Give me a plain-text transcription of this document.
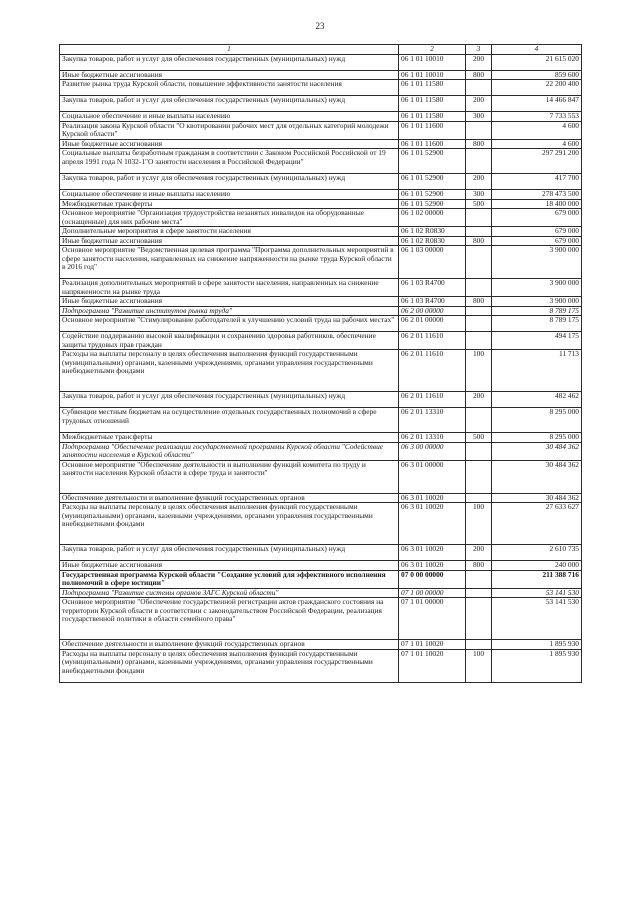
23
1	2	3	4
Закупка товаров, работ и услуг для обеспечения государственных (муниципальных) нужд	06 1 01 10010	200	21 615 020
Иные бюджетные ассигнования	06 1 01 10010	800	859 600
Развитие рынка труда Курской области, повышение эффективности занятости населения	06 1 01 11580		22 200 400
Закупка товаров, работ и услуг для обеспечения государственных (муниципальных) нужд	06 1 01 11580	200	14 466 847
Социальное обеспечение и иные выплаты населению	06 1 01 11580	300	7 733 553
Реализация закона Курской области "О квотировании рабочих мест для отдельных категорий молодежи Курской области"	06 1 01 11600		4 600
Иные бюджетные ассигнования	06 1 01 11600	800	4 600
Социальные выплаты безработным гражданам в соответствии с Законом Российской Российской от 19 апреля 1991 года N 1032-1"О занятости населения в Российской Федерации"	06 1 01 52900		297 291 200
Закупка товаров, работ и услуг для обеспечения государственных (муниципальных) нужд	06 1 01 52900	200	417 700
Социальное обеспечение и иные выплаты населению	06 1 01 52900	300	278 473 500
Межбюджетные трансферты	06 1 01 52900	500	18 400 000
Основное мероприятие "Организация трудоустройства незанятых инвалидов на оборудованные (оснащенные) для них рабочие места"	06 1 02 00000		679 000
Дополнительные мероприятия в сфере занятости населения	06 1 02 R0830		679 000
Иные бюджетные ассигнования	06 1 02 R0830	800	679 000
Основное мероприятие "Ведомственная целевая программа "Программа дополнительных мероприятий в сфере занятости населения, направленных на снижение напряженности на рынке труда Курской области в 2016 год"	06 1 03 00000		3 900 000
Реализация дополнительных мероприятий в сфере занятости населения, направленных на снижение напряженности на рынке труда	06 1 03 R4700		3 900 000
Иные бюджетные ассигнования	06 1 03 R4700	800	3 900 000
Подпрограмма "Развитие институтов рынка труда"	06 2 00 00000		8 789 175
Основное мероприятие "Стимулирование работодателей к улучшению условий труда на рабочих местах"	06 2 01 00000		8 789 175
Содействие поддержанию высокой квалификации и сохранению здоровья работников, обеспечение защиты трудовых прав граждан	06 2 01 11610		494 175
Расходы на выплаты персоналу в целях обеспечения выполнения функций государственными (муниципальными) органами, казенными учреждениями, органами управления государственными внебюджетными фондами	06 2 01 11610	100	11 713
Закупка товаров, работ и услуг для обеспечения государственных (муниципальных) нужд	06 2 01 11610	200	482 462
Субвенции местным бюджетам на осуществление отдельных государственных полномочий в сфере трудовых отношений	06 2 01 13310		8 295 000
Межбюджетные трансферты	06 2 01 13310	500	8 295 000
Подпрограмма "Обеспечение реализации государственной программы Курской области "Содействие занятости населения в Курской области"	06 3 00 00000		30 484 362
Основное мероприятие "Обеспечение деятельности и выполнение функций комитета по труду и занятости населения Курской области в сфере труда и занятости"	06 3 01 00000		30 484 362
Обеспечение деятельности и выполнение функций государственных органов	06 3 01 10020		30 484 362
Расходы на выплаты персоналу в целях обеспечения выполнения функций государственными (муниципальными) органами, казенными учреждениями, органами управления государственными внебюджетными фондами	06 3 01 10020	100	27 633 627
Закупка товаров, работ и услуг для обеспечения государственных (муниципальных) нужд	06 3 01 10020	200	2 610 735
Иные бюджетные ассигнования	06 3 01 10020	800	240 000
Государственная программа Курской области "Создание условий для эффективного исполнения полномочий в сфере юстиции"	07 0 00 00000		211 388 716
Подпрограмма "Развитие системы органов ЗАГС Курской области"	07 1 00 00000		53 141 530
Основное мероприятие "Обеспечение государственной регистрации актов гражданского состояния на территории Курской области в соответствии с законодательством Российской Федерации, реализация государственной политики в области семейного права"	07 1 01 00000		53 141 530
Обеспечение деятельности и выполнение функций государственных органов	07 1 01 10020		1 895 930
Расходы на выплаты персоналу в целях обеспечения выполнения функций государственными (муниципальными) органами, казенными учреждениями, органами управления государственными внебюджетными фондами	07 1 01 10020	100	1 895 930
